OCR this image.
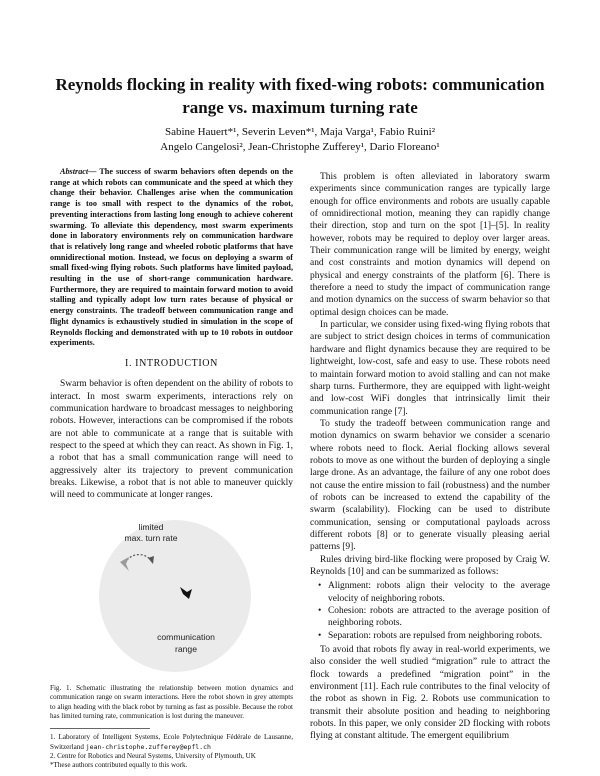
Reynolds flocking in reality with fixed-wing robots: communication range vs. maximum turning rate
Sabine Hauert*¹, Severin Leven*¹, Maja Varga¹, Fabio Ruini²
Angelo Cangelosi², Jean-Christophe Zufferey¹, Dario Floreano¹

Abstract— The success of swarm behaviors often depends on the range at which robots can communicate and the speed at which they change their behavior. Challenges arise when the communication range is too small with respect to the dynamics of the robot, preventing interactions from lasting long enough to achieve coherent swarming. To alleviate this dependency, most swarm experiments done in laboratory environments rely on communication hardware that is relatively long range and wheeled robotic platforms that have omnidirectional motion. Instead, we focus on deploying a swarm of small fixed-wing flying robots. Such platforms have limited payload, resulting in the use of short-range communication hardware. Furthermore, they are required to maintain forward motion to avoid stalling and typically adopt low turn rates because of physical or energy constraints. The tradeoff between communication range and flight dynamics is exhaustively studied in simulation in the scope of Reynolds flocking and demonstrated with up to 10 robots in outdoor experiments.

I. INTRODUCTION

Swarm behavior is often dependent on the ability of robots to interact. In most swarm experiments, interactions rely on communication hardware to broadcast messages to neighboring robots. However, interactions can be compromised if the robots are not able to communicate at a range that is suitable with respect to the speed at which they can react. As shown in Fig. 1, a robot that has a small communication range will need to aggressively alter its trajectory to prevent communication breaks. Likewise, a robot that is not able to maneuver quickly will need to communicate at longer ranges.

limited
max. turn rate
communication
range
Fig. 1. Schematic illustrating the relationship between motion dynamics and communication range on swarm interactions. Here the robot shown in grey attempts to align heading with the black robot by turning as fast as possible. Because the robot has limited turning rate, communication is lost during the maneuver.
1. Laboratory of Intelligent Systems, Ecole Polytechnique Fédérale de Lausanne, Switzerland jean-christophe.zufferey@epfl.ch
2. Centre for Robotics and Neural Systems, University of Plymouth, UK
*These authors contributed equally to this work.

This problem is often alleviated in laboratory swarm experiments since communication ranges are typically large enough for office environments and robots are usually capable of omnidirectional motion, meaning they can rapidly change their direction, stop and turn on the spot [1]–[5]. In reality however, robots may be required to deploy over larger areas. Their communication range will be limited by energy, weight and cost constraints and motion dynamics will depend on physical and energy constraints of the platform [6]. There is therefore a need to study the impact of communication range and motion dynamics on the success of swarm behavior so that optimal design choices can be made.

In particular, we consider using fixed-wing flying robots that are subject to strict design choices in terms of communication hardware and flight dynamics because they are required to be lightweight, low-cost, safe and easy to use. These robots need to maintain forward motion to avoid stalling and can not make sharp turns. Furthermore, they are equipped with light-weight and low-cost WiFi dongles that intrinsically limit their communication range [7].

To study the tradeoff between communication range and motion dynamics on swarm behavior we consider a scenario where robots need to flock. Aerial flocking allows several robots to move as one without the burden of deploying a single large drone. As an advantage, the failure of any one robot does not cause the entire mission to fail (robustness) and the number of robots can be increased to extend the capability of the swarm (scalability). Flocking can be used to distribute communication, sensing or computational payloads across different robots [8] or to generate visually pleasing aerial patterns [9].

Rules driving bird-like flocking were proposed by Craig W. Reynolds [10] and can be summarized as follows:

• Alignment: robots align their velocity to the average velocity of neighboring robots.
• Cohesion: robots are attracted to the average position of neighboring robots.
• Separation: robots are repulsed from neighboring robots.

To avoid that robots fly away in real-world experiments, we also consider the well studied “migration” rule to attract the flock towards a predefined “migration point” in the environment [11]. Each rule contributes to the final velocity of the robot as shown in Fig. 2. Robots use communication to transmit their absolute position and heading to neighboring robots. In this paper, we only consider 2D flocking with robots flying at constant altitude. The emergent equilibrium
